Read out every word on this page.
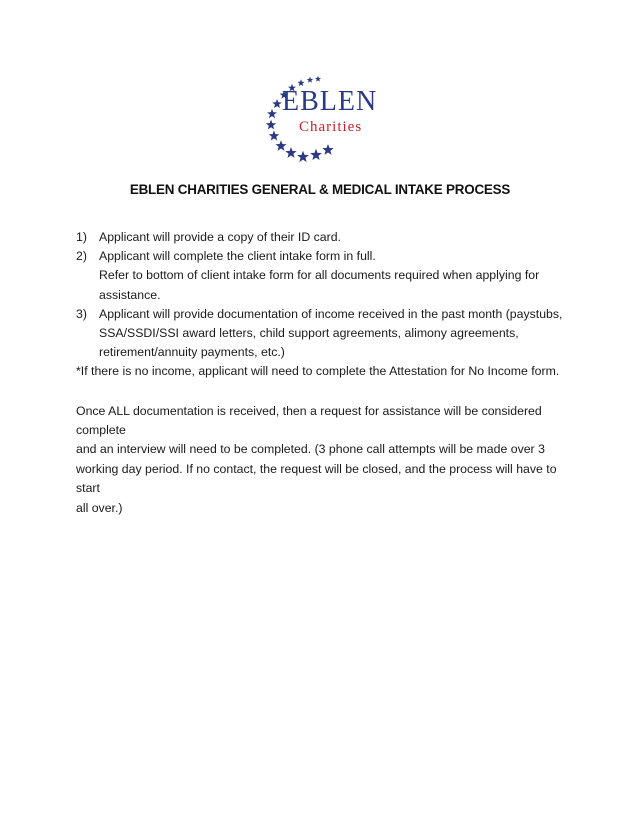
EBLEN
Charities
EBLEN CHARITIES GENERAL & MEDICAL INTAKE PROCESS
1) Applicant will provide a copy of their ID card.
2) Applicant will complete the client intake form in full.
Refer to bottom of client intake form for all documents required when applying for
assistance.
3) Applicant will provide documentation of income received in the past month (paystubs,
SSA/SSDI/SSI award letters, child support agreements, alimony agreements,
retirement/annuity payments, etc.)

*If there is no income, applicant will need to complete the Attestation for No Income form.

Once ALL documentation is received, then a request for assistance will be considered complete
and an interview will need to be completed. (3 phone call attempts will be made over 3
working day period. If no contact, the request will be closed, and the process will have to start
all over.)
